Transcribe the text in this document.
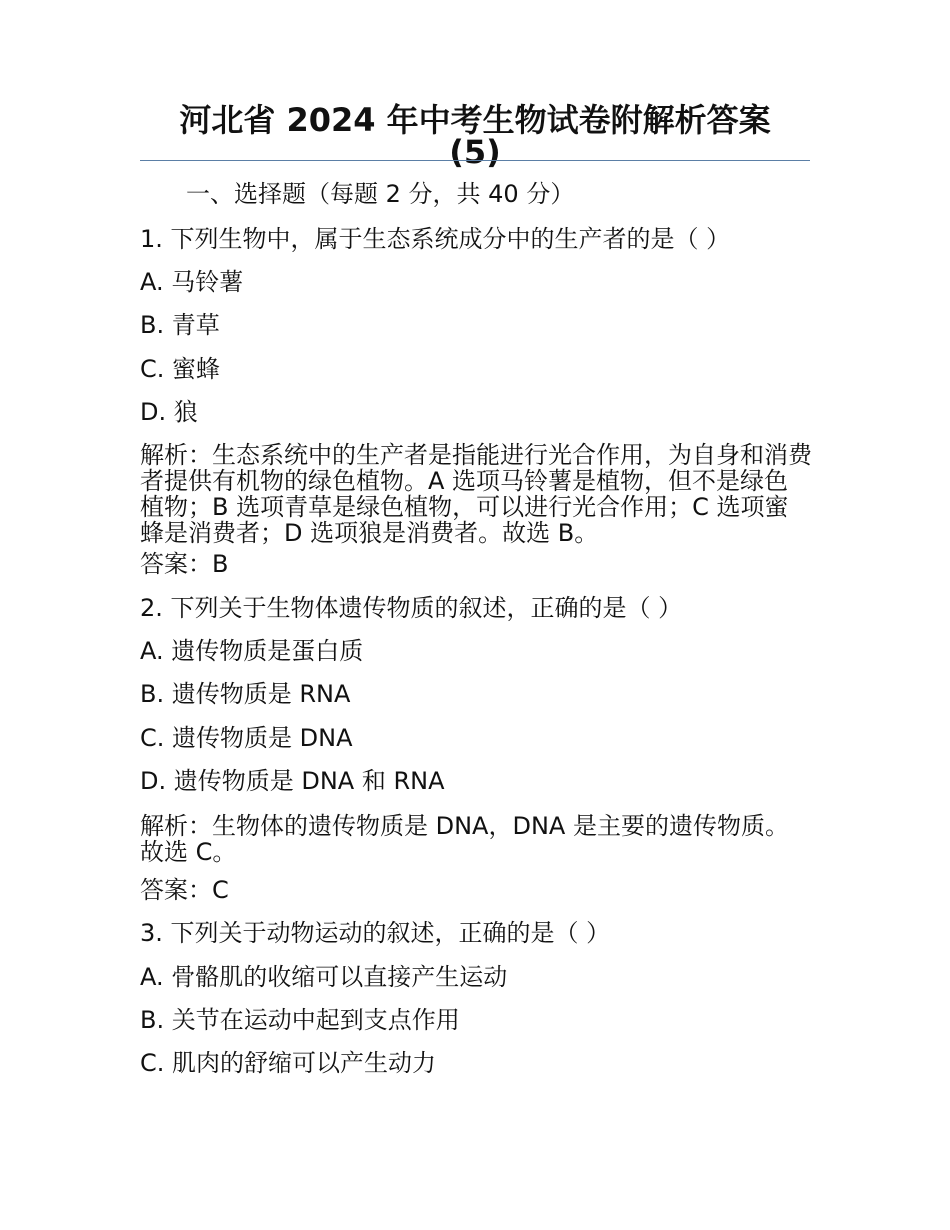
河北省 2024 年中考生物试卷附解析答案
(5)
一、选择题（每题 2 分，共 40 分）
1. 下列生物中，属于生态系统成分中的生产者的是（ ）
A. 马铃薯
B. 青草
C. 蜜蜂
D. 狼
解析：生态系统中的生产者是指能进行光合作用，为自身和消费者提供有机物的绿色植物。A 选项马铃薯是植物，但不是绿色植物；B 选项青草是绿色植物，可以进行光合作用；C 选项蜜蜂是消费者；D 选项狼是消费者。故选 B。
答案：B
2. 下列关于生物体遗传物质的叙述，正确的是（ ）
A. 遗传物质是蛋白质
B. 遗传物质是 RNA
C. 遗传物质是 DNA
D. 遗传物质是 DNA 和 RNA
解析：生物体的遗传物质是 DNA，DNA 是主要的遗传物质。故选 C。
答案：C
3. 下列关于动物运动的叙述，正确的是（ ）
A. 骨骼肌的收缩可以直接产生运动
B. 关节在运动中起到支点作用
C. 肌肉的舒缩可以产生动力
